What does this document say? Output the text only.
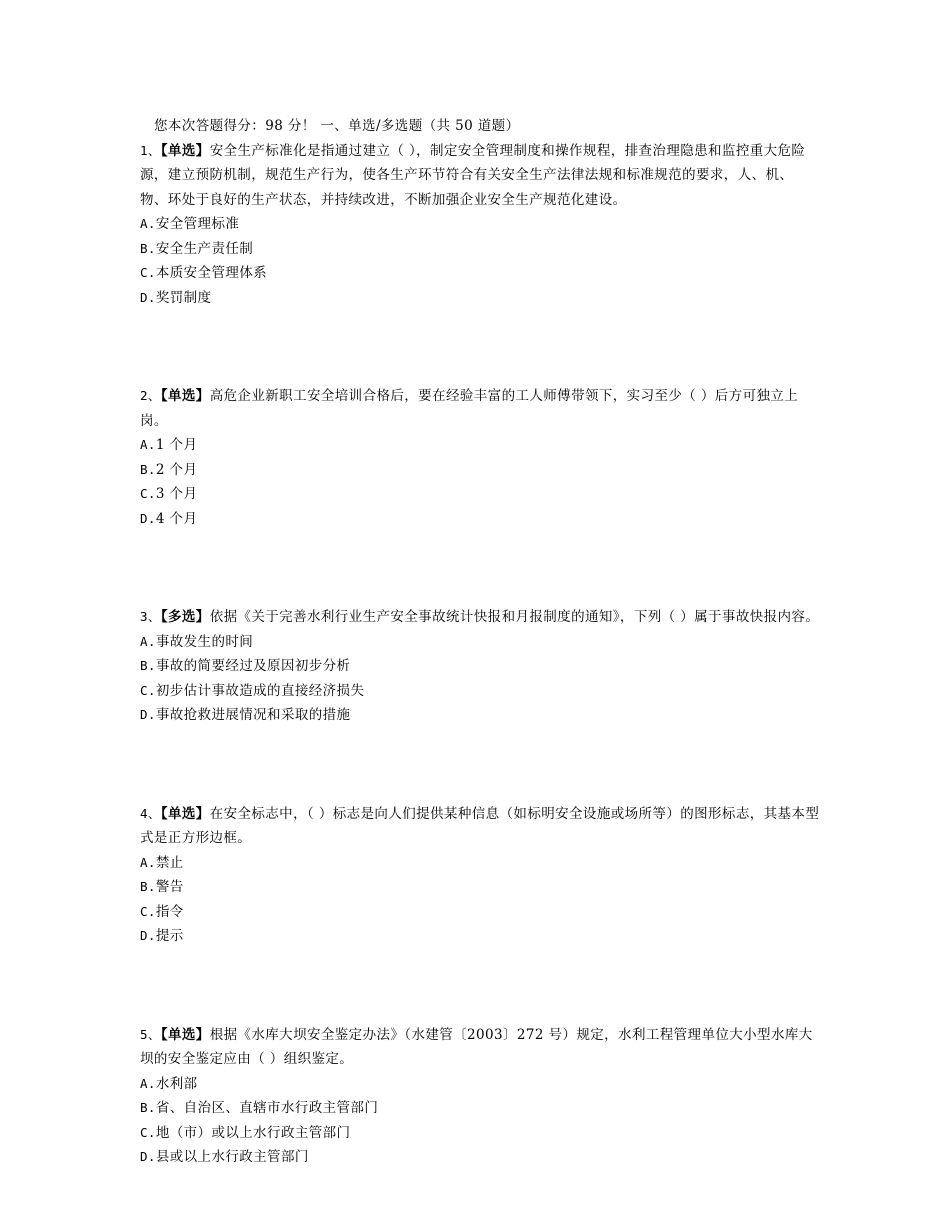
您本次答题得分：98 分！ 一、单选/多选题（共 50 道题）

1、【单选】安全生产标准化是指通过建立（ ），制定安全管理制度和操作规程，排查治理隐患和监控重大危险源，建立预防机制，规范生产行为，使各生产环节符合有关安全生产法律法规和标准规范的要求，人、机、物、环处于良好的生产状态，并持续改进，不断加强企业安全生产规范化建设。

A.安全管理标准

B.安全生产责任制

C.本质安全管理体系

D.奖罚制度

2、【单选】高危企业新职工安全培训合格后，要在经验丰富的工人师傅带领下，实习至少（ ）后方可独立上岗。

A.1 个月

B.2 个月

C.3 个月

D.4 个月

3、【多选】依据《关于完善水利行业生产安全事故统计快报和月报制度的通知》，下列（ ）属于事故快报内容。

A.事故发生的时间

B.事故的简要经过及原因初步分析

C.初步估计事故造成的直接经济损失

D.事故抢救进展情况和采取的措施

4、【单选】在安全标志中，（ ）标志是向人们提供某种信息（如标明安全设施或场所等）的图形标志，其基本型式是正方形边框。

A.禁止

B.警告

C.指令

D.提示

5、【单选】根据《水库大坝安全鉴定办法》（水建管〔2003〕272 号）规定，水利工程管理单位大小型水库大坝的安全鉴定应由（ ）组织鉴定。

A.水利部

B.省、自治区、直辖市水行政主管部门

C.地（市）或以上水行政主管部门

D.县或以上水行政主管部门
